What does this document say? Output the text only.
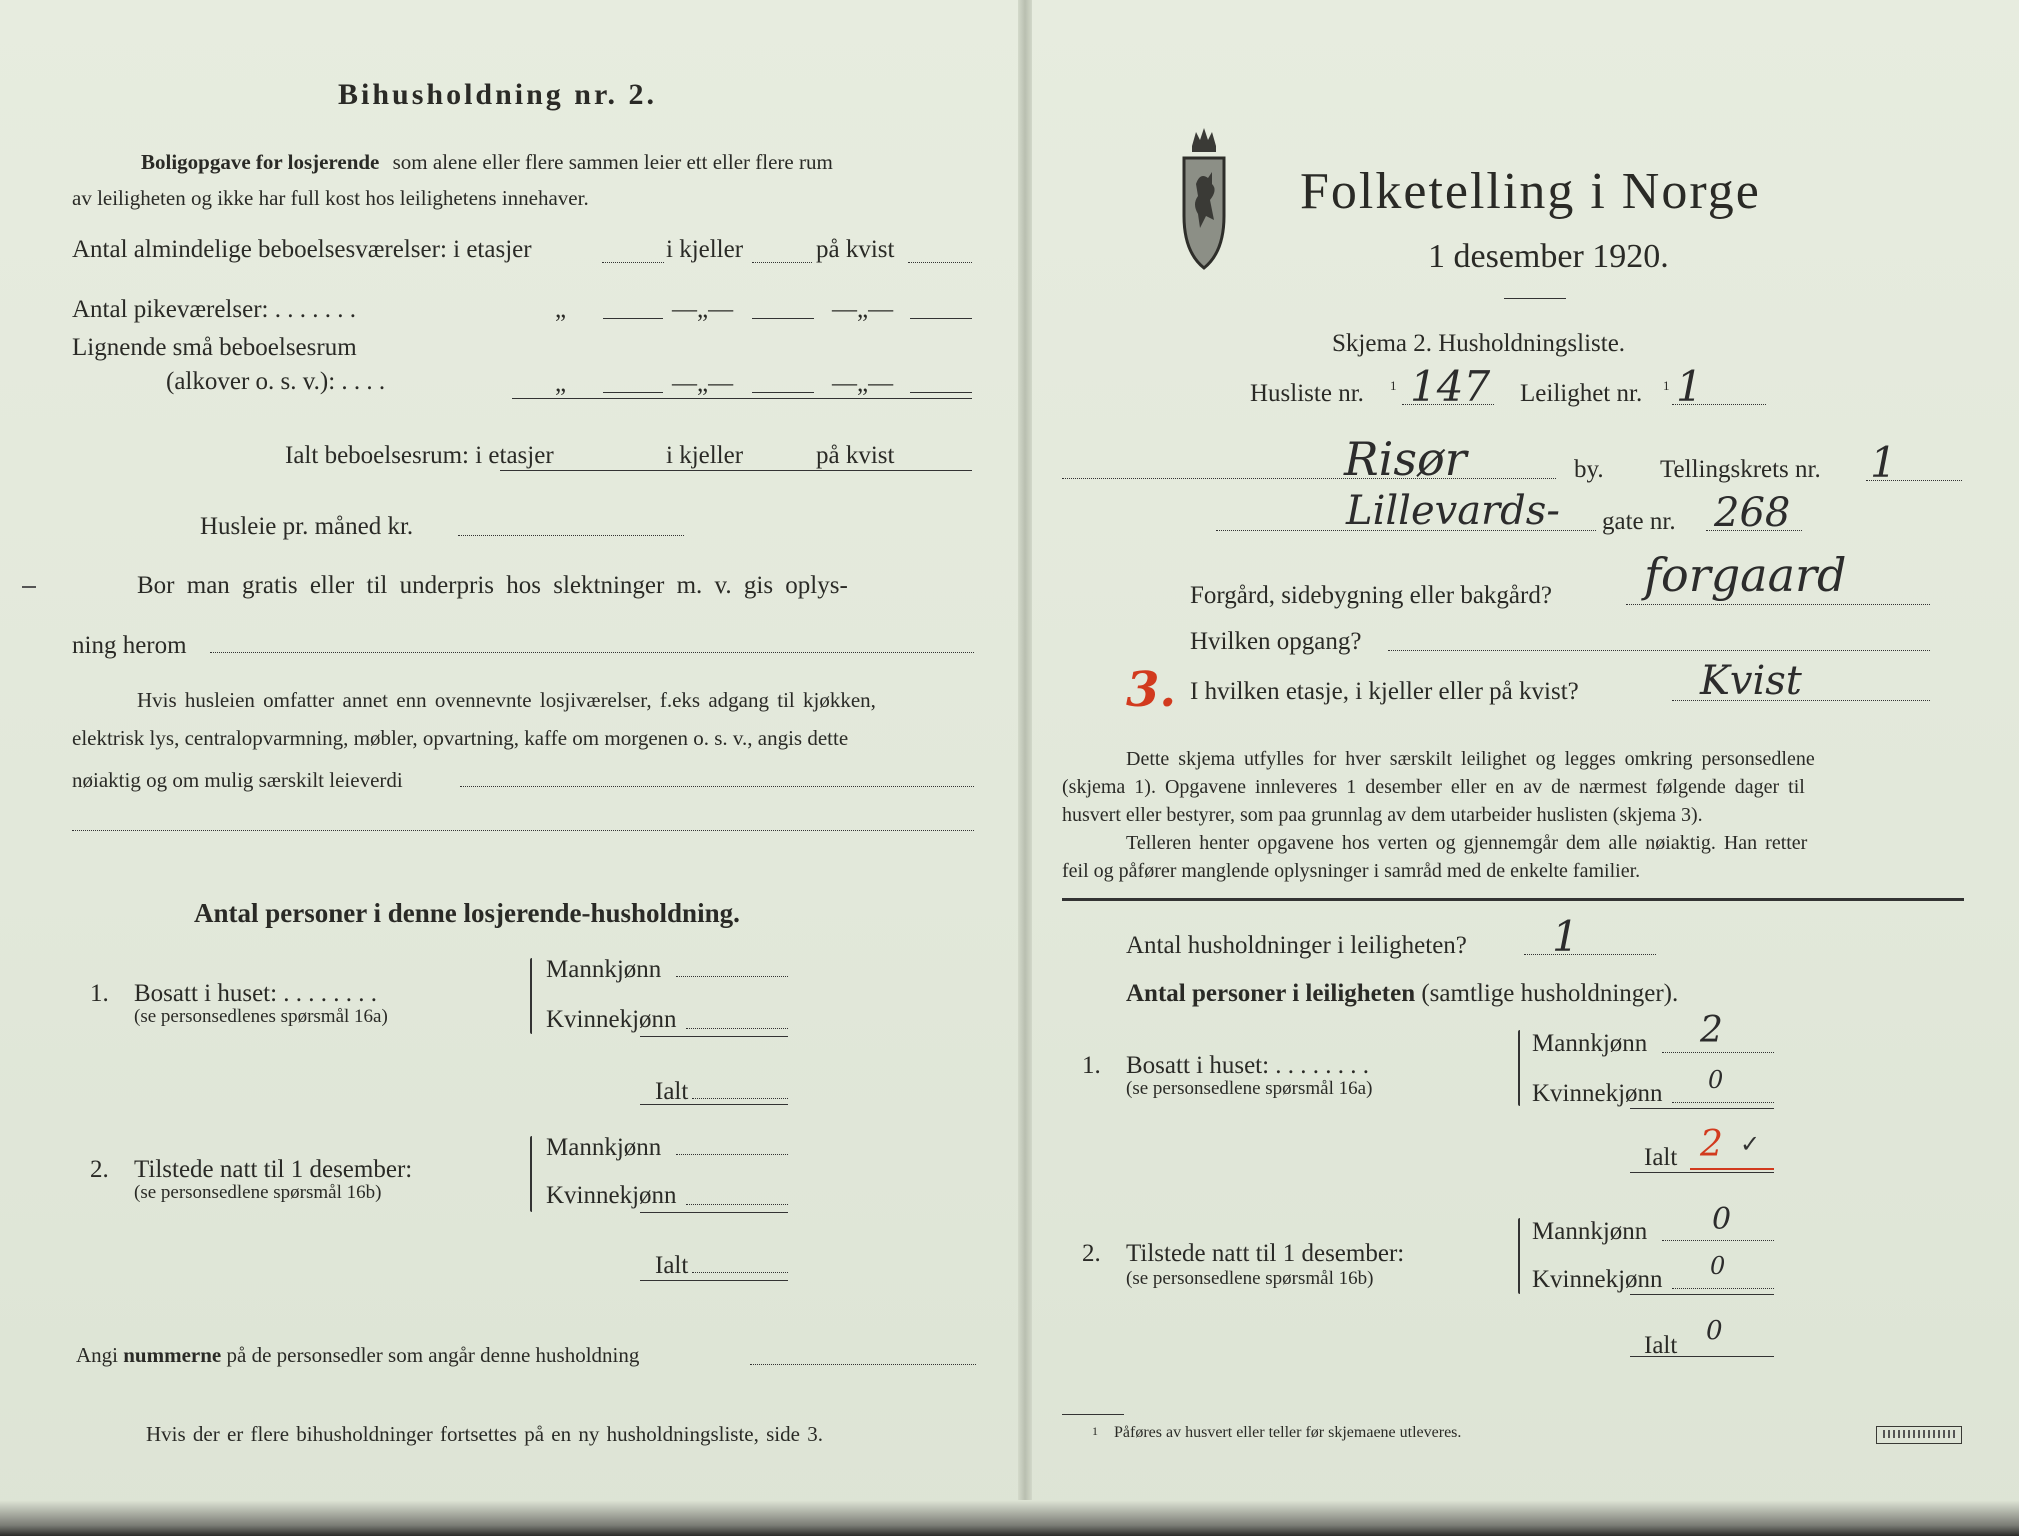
Bihusholdning nr. 2.
Boligopgave for losjerende som alene eller flere sammen leier ett eller flere rum
av leiligheten og ikke har full kost hos leilighetens innehaver.
Antal almindelige beboelsesværelser: i etasjer	i kjeller	på kvist
Antal pikeværelser: . . . . . . .	„	—„—	—„—
Lignende små beboelsesrum
(alkover o. s. v.): . . . .	„	—„—	—„—
Ialt beboelsesrum: i etasjer	i kjeller	på kvist
Husleie pr. måned kr.
Bor man gratis eller til underpris hos slektninger m. v. gis oplys-
ning herom
Hvis husleien omfatter annet enn ovennevnte losjiværelser, f.eks adgang til kjøkken,
elektrisk lys, centralopvarmning, møbler, opvartning, kaffe om morgenen o. s. v., angis dette
nøiaktig og om mulig særskilt leieverdi
Antal personer i denne losjerende-husholdning.
1. Bosatt i huset: . . . . . . . .
(se personsedlenes spørsmål 16a)
Mannkjønn
Kvinnekjønn
Ialt
2. Tilstede natt til 1 desember:
(se personsedlene spørsmål 16b)
Mannkjønn
Kvinnekjønn
Ialt
Angi nummerne på de personsedler som angår denne husholdning
Hvis der er flere bihusholdninger fortsettes på en ny husholdningsliste, side 3.
Folketelling i Norge
1 desember 1920.
Skjema 2. Husholdningsliste.
Husliste nr. 1 147 Leilighet nr. 1 1
Risør	by. Tellingskrets nr. 1
Lillevards- gate nr. 268
Forgård, sidebygning eller bakgård? forgaard
Hvilken opgang?
3. I hvilken etasje, i kjeller eller på kvist?	Kvist
Dette skjema utfylles for hver særskilt leilighet og legges omkring personsedlene
(skjema 1). Opgavene innleveres 1 desember eller en av de nærmest følgende dager til
husvert eller bestyrer, som paa grunnlag av dem utarbeider huslisten (skjema 3).
Telleren henter opgavene hos verten og gjennemgår dem alle nøiaktig. Han retter
feil og påfører manglende oplysninger i samråd med de enkelte familier.
Antal husholdninger i leiligheten? 1
Antal personer i leiligheten (samtlige husholdninger).
1. Bosatt i huset: . . . . . . . .
(se personsedlene spørsmål 16a)
Mannkjønn 2
Kvinnekjønn 0
Ialt 2 ✓
2. Tilstede natt til 1 desember:
(se personsedlene spørsmål 16b)
Mannkjønn 0
Kvinnekjønn 0
Ialt 0
1 Påføres av husvert eller teller før skjemaene utleveres.
